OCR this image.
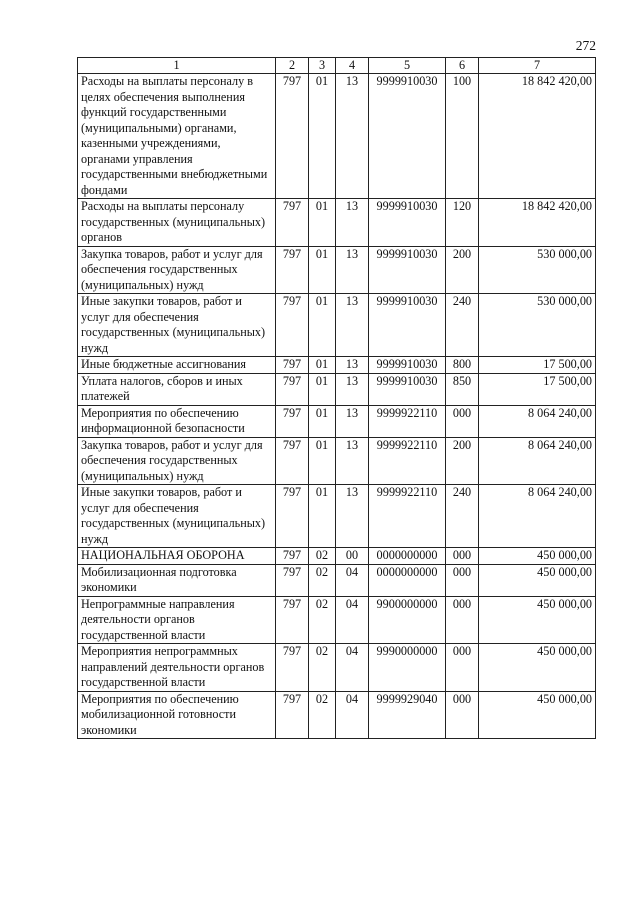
272
1	2	3	4	5	6	7
Расходы на выплаты персоналу в целях обеспечения выполнения функций государственными (муниципальными) органами, казенными учреждениями, органами управления государственными внебюджетными фондами	797	01	13	9999910030	100	18 842 420,00
Расходы на выплаты персоналу государственных (муниципальных) органов	797	01	13	9999910030	120	18 842 420,00
Закупка товаров, работ и услуг для обеспечения государственных (муниципальных) нужд	797	01	13	9999910030	200	530 000,00
Иные закупки товаров, работ и услуг для обеспечения государственных (муниципальных) нужд	797	01	13	9999910030	240	530 000,00
Иные бюджетные ассигнования	797	01	13	9999910030	800	17 500,00
Уплата налогов, сборов и иных платежей	797	01	13	9999910030	850	17 500,00
Мероприятия по обеспечению информационной безопасности	797	01	13	9999922110	000	8 064 240,00
Закупка товаров, работ и услуг для обеспечения государственных (муниципальных) нужд	797	01	13	9999922110	200	8 064 240,00
Иные закупки товаров, работ и услуг для обеспечения государственных (муниципальных) нужд	797	01	13	9999922110	240	8 064 240,00
НАЦИОНАЛЬНАЯ ОБОРОНА	797	02	00	0000000000	000	450 000,00
Мобилизационная подготовка экономики	797	02	04	0000000000	000	450 000,00
Непрограммные направления деятельности органов государственной власти	797	02	04	9900000000	000	450 000,00
Мероприятия непрограммных направлений деятельности органов государственной власти	797	02	04	9990000000	000	450 000,00
Мероприятия по обеспечению мобилизационной готовности экономики	797	02	04	9999929040	000	450 000,00
